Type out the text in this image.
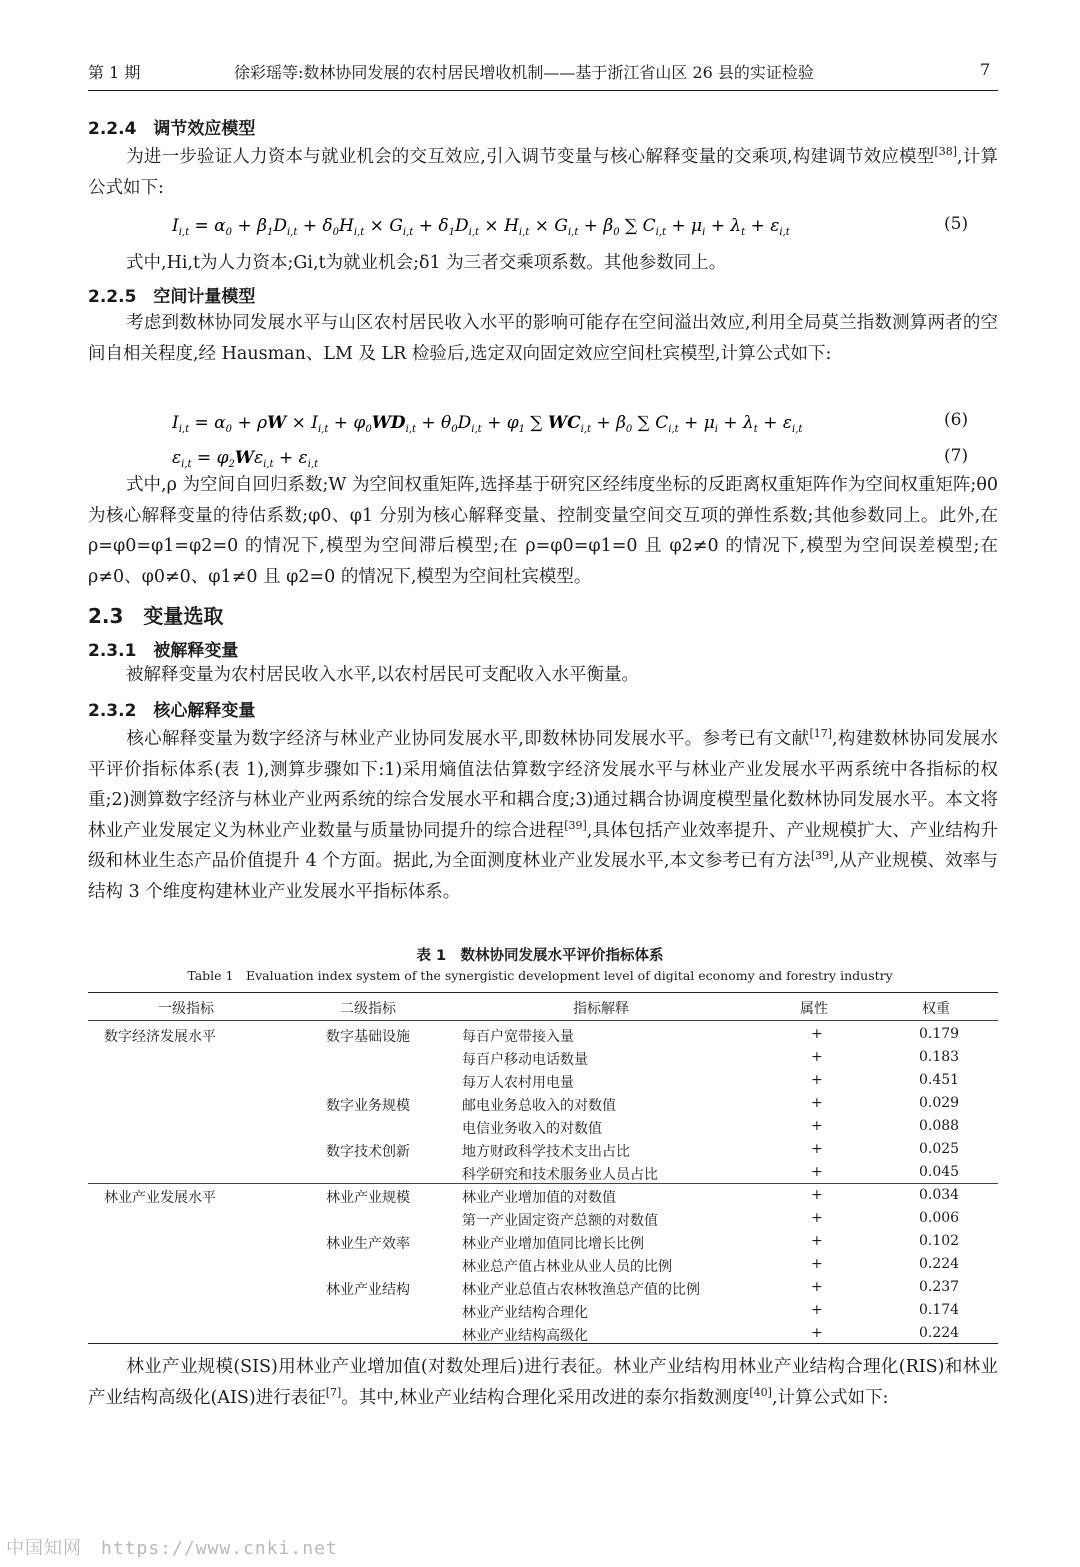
第 1 期	徐彩瑶等:数林协同发展的农村居民增收机制——基于浙江省山区 26 县的实证检验	7
2.2.4　调节效应模型

为进一步验证人力资本与就业机会的交互效应,引入调节变量与核心解释变量的交乘项,构建调节效应模型[38],计算公式如下:

$I_{i,t} = \alpha_0 + \beta_1D_{i,t} + \delta_0H_{i,t} \times G_{i,t} + \delta_1D_{i,t} \times H_{i,t} \times G_{i,t} + \beta_0$ ∑ $C_{i,t} + \mu_i + \lambda_t + \varepsilon_{i,t}$	(5)

式中,Hi,t为人力资本;Gi,t为就业机会;δ1 为三者交乘项系数。其他参数同上。

2.2.5　空间计量模型

考虑到数林协同发展水平与山区农村居民收入水平的影响可能存在空间溢出效应,利用全局莫兰指数测算两者的空间自相关程度,经 Hausman、LM 及 LR 检验后,选定双向固定效应空间杜宾模型,计算公式如下:

$I_{i,t} = \alpha_0 + \rho W \times I_{i,t} + \varphi_0WD_{i,t} + \theta_0D_{i,t} + \varphi_1$ ∑ $WC_{i,t} + \beta_0$ ∑ $C_{i,t} + \mu_i + \lambda_t + \varepsilon_{i,t}$	(6)
$\varepsilon_{i,t} = \varphi_2W\varepsilon_{i,t} + \varepsilon_{i,t}$	(7)

式中,ρ 为空间自回归系数;W 为空间权重矩阵,选择基于研究区经纬度坐标的反距离权重矩阵作为空间权重矩阵;θ0 为核心解释变量的待估系数;φ0、φ1 分别为核心解释变量、控制变量空间交互项的弹性系数;其他参数同上。此外,在 ρ=φ0=φ1=φ2=0 的情况下,模型为空间滞后模型;在 ρ=φ0=φ1=0 且 φ2≠0 的情况下,模型为空间误差模型;在 ρ≠0、φ0≠0、φ1≠0 且 φ2=0 的情况下,模型为空间杜宾模型。

2.3　变量选取
2.3.1　被解释变量

被解释变量为农村居民收入水平,以农村居民可支配收入水平衡量。

2.3.2　核心解释变量

核心解释变量为数字经济与林业产业协同发展水平,即数林协同发展水平。参考已有文献[17],构建数林协同发展水平评价指标体系(表 1),测算步骤如下:1)采用熵值法估算数字经济发展水平与林业产业发展水平两系统中各指标的权重;2)测算数字经济与林业产业两系统的综合发展水平和耦合度;3)通过耦合协调度模型量化数林协同发展水平。本文将林业产业发展定义为林业产业数量与质量协同提升的综合进程[39],具体包括产业效率提升、产业规模扩大、产业结构升级和林业生态产品价值提升 4 个方面。据此,为全面测度林业产业发展水平,本文参考已有方法[39],从产业规模、效率与结构 3 个维度构建林业产业发展水平指标体系。

表 1　数林协同发展水平评价指标体系
Table 1　Evaluation index system of the synergistic development level of digital economy and forestry industry
一级指标	二级指标	指标解释	属性	权重
数字经济发展水平	数字基础设施	每百户宽带接入量	+	0.179
每百户移动电话数量	+	0.183
每万人农村用电量	+	0.451
数字业务规模	邮电业务总收入的对数值	+	0.029
电信业务收入的对数值	+	0.088
数字技术创新	地方财政科学技术支出占比	+	0.025
科学研究和技术服务业人员占比	+	0.045
林业产业发展水平	林业产业规模	林业产业增加值的对数值	+	0.034
第一产业固定资产总额的对数值	+	0.006
林业生产效率	林业产业增加值同比增长比例	+	0.102
林业总产值占林业从业人员的比例	+	0.224
林业产业结构	林业产业总值占农林牧渔总产值的比例	+	0.237
林业产业结构合理化	+	0.174
林业产业结构高级化	+	0.224

林业产业规模(SIS)用林业产业增加值(对数处理后)进行表征。林业产业结构用林业产业结构合理化(RIS)和林业产业结构高级化(AIS)进行表征[7]。其中,林业产业结构合理化采用改进的泰尔指数测度[40],计算公式如下:

中国知网　https://www.cnki.net
